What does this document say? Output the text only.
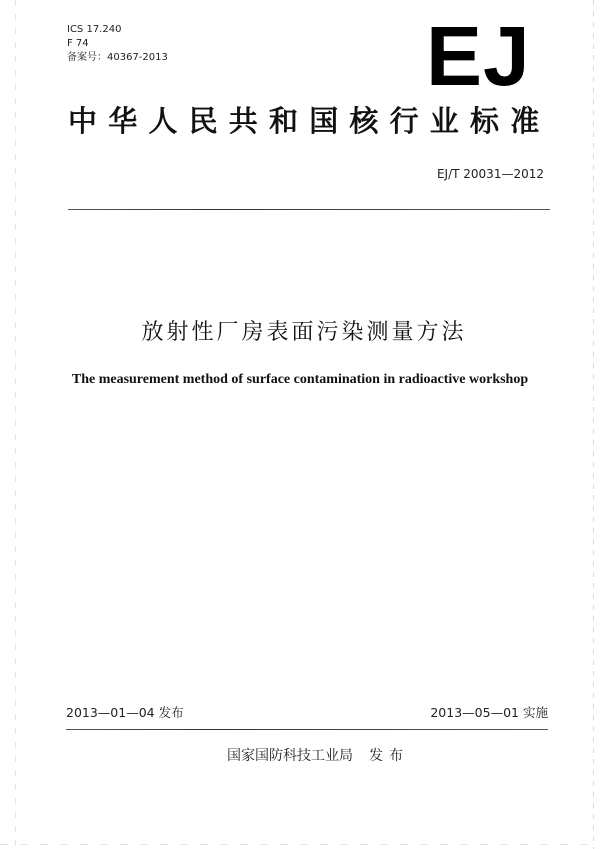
ICS 17.240
F 74
备案号：40367-2013	EJ
中华人民共和国核行业标准
EJ/T 20031—2012
放射性厂房表面污染测量方法
The measurement method of surface contamination in radioactive workshop
2013—01—04 发布	2013—05—01 实施
国家国防科技工业局 发布
